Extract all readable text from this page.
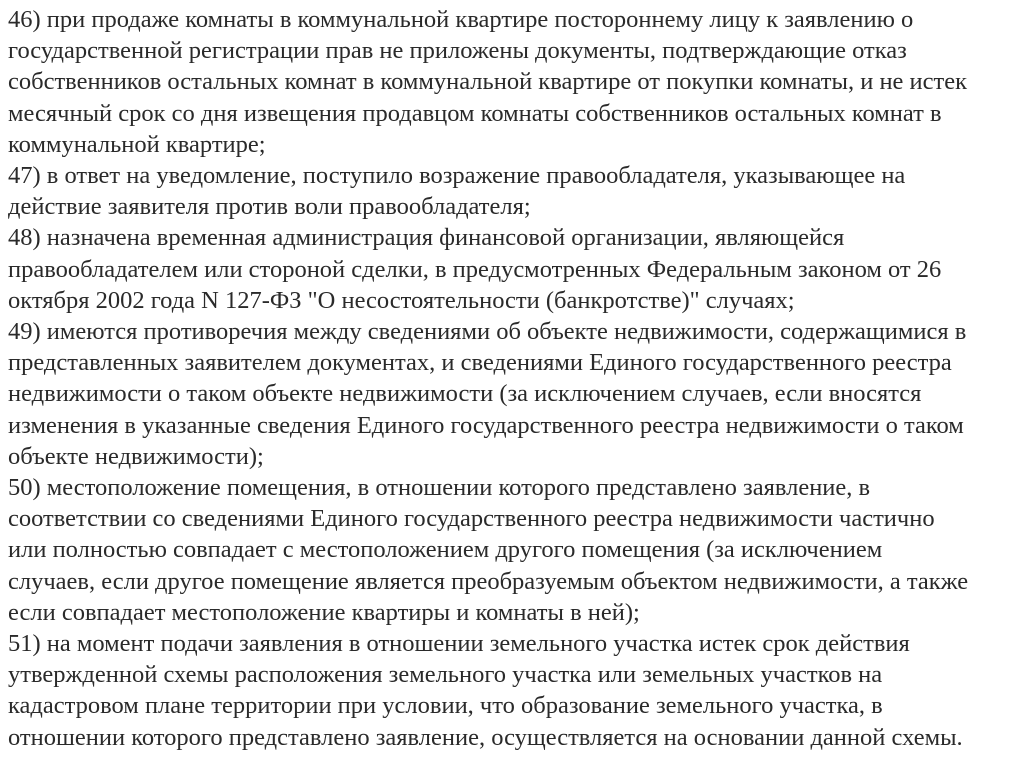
46) при продаже комнаты в коммунальной квартире постороннему лицу к заявлению о
государственной регистрации прав не приложены документы, подтверждающие отказ
собственников остальных комнат в коммунальной квартире от покупки комнаты, и не истек
месячный срок со дня извещения продавцом комнаты собственников остальных комнат в
коммунальной квартире;
47) в ответ на уведомление, поступило возражение правообладателя, указывающее на
действие заявителя против воли правообладателя;
48) назначена временная администрация финансовой организации, являющейся
правообладателем или стороной сделки, в предусмотренных Федеральным законом от 26
октября 2002 года N 127-ФЗ "О несостоятельности (банкротстве)" случаях;
49) имеются противоречия между сведениями об объекте недвижимости, содержащимися в
представленных заявителем документах, и сведениями Единого государственного реестра
недвижимости о таком объекте недвижимости (за исключением случаев, если вносятся
изменения в указанные сведения Единого государственного реестра недвижимости о таком
объекте недвижимости);
50) местоположение помещения, в отношении которого представлено заявление, в
соответствии со сведениями Единого государственного реестра недвижимости частично
или полностью совпадает с местоположением другого помещения (за исключением
случаев, если другое помещение является преобразуемым объектом недвижимости, а также
если совпадает местоположение квартиры и комнаты в ней);
51) на момент подачи заявления в отношении земельного участка истек срок действия
утвержденной схемы расположения земельного участка или земельных участков на
кадастровом плане территории при условии, что образование земельного участка, в
отношении которого представлено заявление, осуществляется на основании данной схемы.
